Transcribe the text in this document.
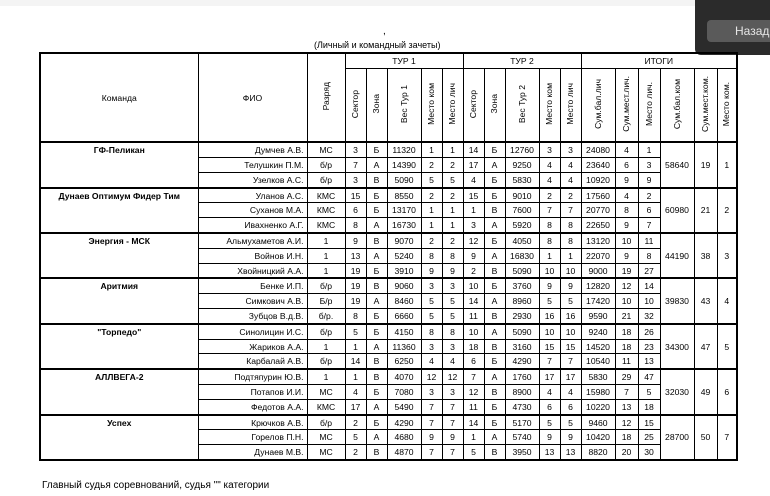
Назад
,
(Личный и командный зачеты)
Команда	ФИО	Разряд	ТУР 1					ТУР 2					ИТОГИ					
			Сектор	Зона	Вес Тур 1	Место ком	Место лич	Сектор	Зона	Вес Тур 2	Место ком	Место лич	Сум.бал.лич	Сум.мест.лич.	Место лич.	Сум.бал.ком	Сум.мест.ком.	Место ком.
ГФ-Пеликан	Думчев А.В.	МС	3	Б	11320	1	1	14	Б	12760	3	3	24080	4	1	58640	19	1
	Телушкин П.М.	б/р	7	А	14390	2	2	17	А	9250	4	4	23640	6	3			
	Узелков А.С.	б/р	3	В	5090	5	5	4	Б	5830	4	4	10920	9	9			
Дунаев Оптимум Фидер Тим	Уланов А.С.	КМС	15	Б	8550	2	2	15	Б	9010	2	2	17560	4	2	60980	21	2
	Суханов М.А.	КМС	6	Б	13170	1	1	1	В	7600	7	7	20770	8	6			
	Ивахненко А.Г.	КМС	8	А	16730	1	1	3	А	5920	8	8	22650	9	7			
Энергия - МСК	Альмухаметов А.И.	1	9	В	9070	2	2	12	Б	4050	8	8	13120	10	11	44190	38	3
	Войнов И.Н.	1	13	А	5240	8	8	9	А	16830	1	1	22070	9	8			
	Хвойницкий А.А.	1	19	Б	3910	9	9	2	В	5090	10	10	9000	19	27			
Аритмия	Бенке И.П.	б/р	19	В	9060	3	3	10	Б	3760	9	9	12820	12	14	39830	43	4
	Симкович А.В.	Б/р	19	А	8460	5	5	14	А	8960	5	5	17420	10	10			
	Зубцов В.д.В.	б/р.	8	Б	6660	5	5	11	В	2930	16	16	9590	21	32			
"Торпедо"	Синолицин И.С.	б/р	5	Б	4150	8	8	10	А	5090	10	10	9240	18	26	34300	47	5
	Жариков А.А.	1	1	А	11360	3	3	18	В	3160	15	15	14520	18	23			
	Карбалай А.В.	б/р	14	В	6250	4	4	6	Б	4290	7	7	10540	11	13			
АЛЛВЕГА-2	Подтяпурин Ю.В.	1	1	В	4070	12	12	7	А	1760	17	17	5830	29	47	32030	49	6
	Потапов И.И.	МС	4	Б	7080	3	3	12	В	8900	4	4	15980	7	5			
	Федотов А.А.	КМС	17	А	5490	7	7	11	Б	4730	6	6	10220	13	18			
Успех	Крючков А.В.	б/р	2	Б	4290	7	7	14	Б	5170	5	5	9460	12	15	28700	50	7
	Горелов П.Н.	МС	5	А	4680	9	9	1	А	5740	9	9	10420	18	25			
	Дунаев М.В.	МС	2	В	4870	7	7	5	В	3950	13	13	8820	20	30			
Главный судья соревнований, судья "" категории
